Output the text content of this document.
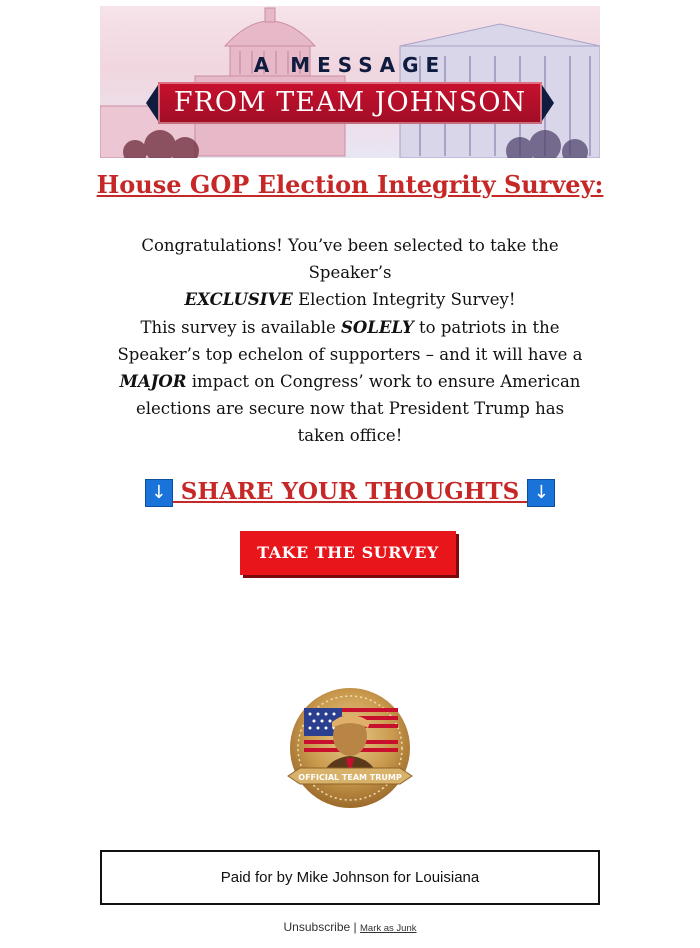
A MESSAGE
FROM TEAM JOHNSON
House GOP Election Integrity Survey:
Congratulations! You’ve been selected to take the Speaker’s
EXCLUSIVE Election Integrity Survey!
This survey is available SOLELY to patriots in the Speaker’s top echelon of supporters – and it will have a MAJOR impact on Congress’ work to ensure American elections are secure now that President Trump has taken office!
↓ SHARE YOUR THOUGHTS ↓
TAKE THE SURVEY
OFFICIAL TEAM TRUMP
Paid for by Mike Johnson for Louisiana
Unsubscribe | Mark as Junk
